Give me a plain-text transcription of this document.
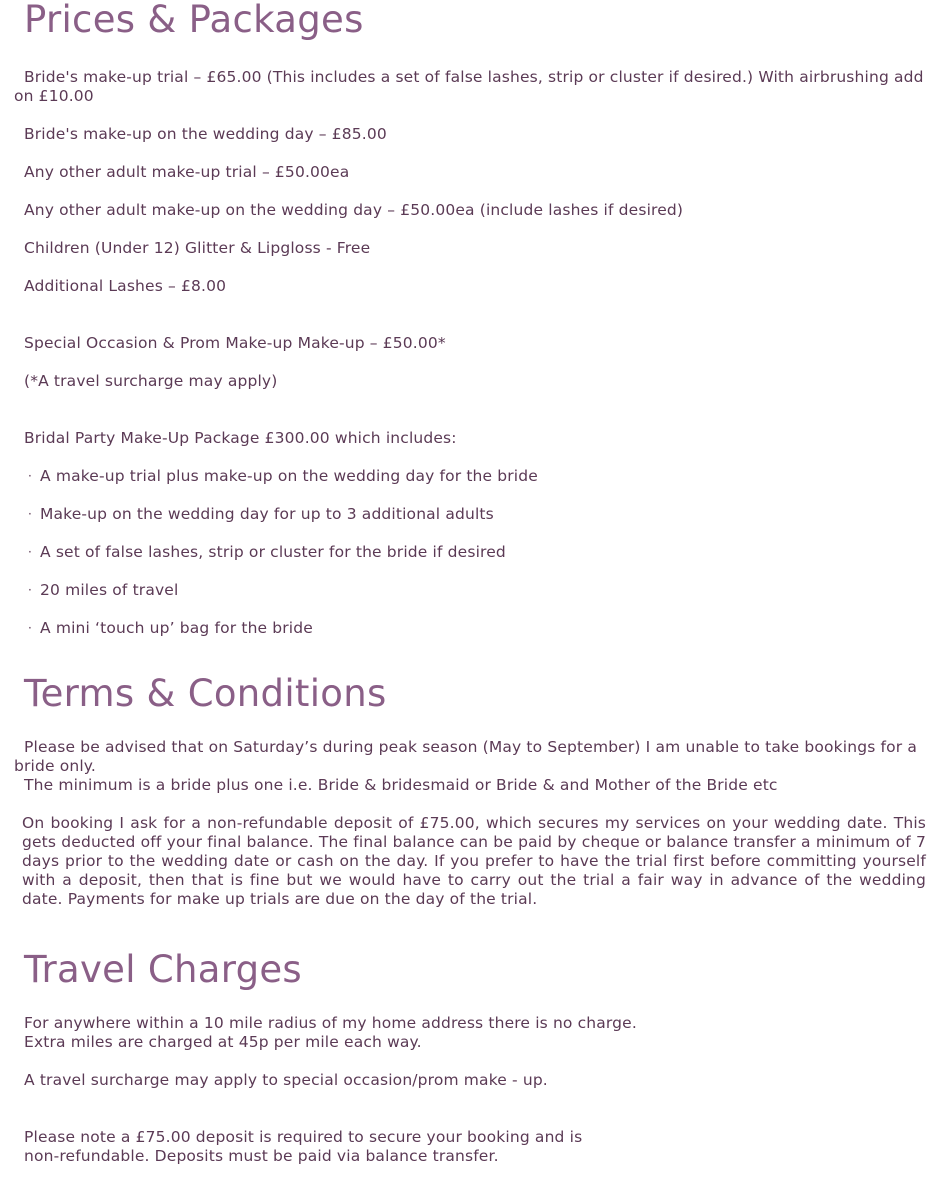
Prices & Packages

Bride's make-up trial – £65.00 (This includes a set of false lashes, strip or cluster if desired.) With airbrushing add on £10.00

Bride's make-up on the wedding day – £85.00

Any other adult make-up trial – £50.00ea

Any other adult make-up on the wedding day – £50.00ea (include lashes if desired)

Children (Under 12) Glitter & Lipgloss - Free

Additional Lashes – £8.00

Special Occasion & Prom Make-up Make-up – £50.00*

(*A travel surcharge may apply)

Bridal Party Make-Up Package £300.00 which includes:

· A make-up trial plus make-up on the wedding day for the bride
· Make-up on the wedding day for up to 3 additional adults
· A set of false lashes, strip or cluster for the bride if desired
· 20 miles of travel
· A mini ‘touch up’ bag for the bride
Terms & Conditions

Please be advised that on Saturday’s during peak season (May to September) I am unable to take bookings for a bride only.

The minimum is a bride plus one i.e. Bride & bridesmaid or Bride & and Mother of the Bride etc

On booking I ask for a non-refundable deposit of £75.00, which secures my services on your wedding date. This gets deducted off your final balance. The final balance can be paid by cheque or balance transfer a minimum of 7 days prior to the wedding date or cash on the day. If you prefer to have the trial first before committing yourself with a deposit, then that is fine but we would have to carry out the trial a fair way in advance of the wedding date. Payments for make up trials are due on the day of the trial.

Travel Charges

For anywhere within a 10 mile radius of my home address there is no charge.

Extra miles are charged at 45p per mile each way.

A travel surcharge may apply to special occasion/prom make - up.

Please note a £75.00 deposit is required to secure your booking and is

non-refundable. Deposits must be paid via balance transfer.
